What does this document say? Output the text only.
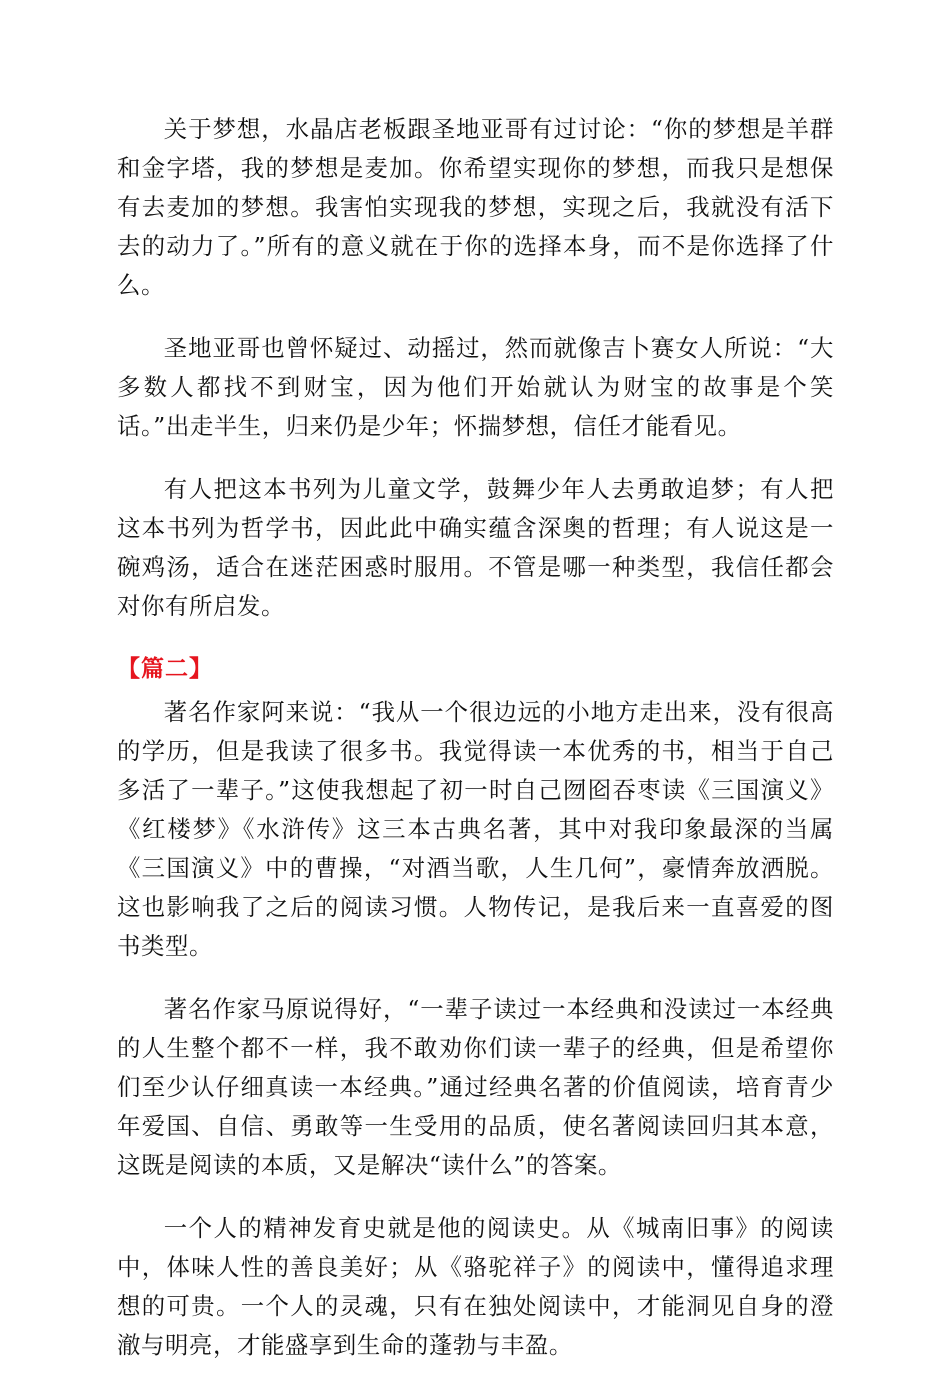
关于梦想，水晶店老板跟圣地亚哥有过讨论：“你的梦想是羊群和金字塔，我的梦想是麦加。你希望实现你的梦想，而我只是想保有去麦加的梦想。我害怕实现我的梦想，实现之后，我就没有活下去的动力了。”所有的意义就在于你的选择本身，而不是你选择了什么。

圣地亚哥也曾怀疑过、动摇过，然而就像吉卜赛女人所说：“大多数人都找不到财宝，因为他们开始就认为财宝的故事是个笑话。”出走半生，归来仍是少年；怀揣梦想，信任才能看见。

有人把这本书列为儿童文学，鼓舞少年人去勇敢追梦；有人把这本书列为哲学书，因此此中确实蕴含深奥的哲理；有人说这是一碗鸡汤，适合在迷茫困惑时服用。不管是哪一种类型，我信任都会对你有所启发。

【篇二】

著名作家阿来说：“我从一个很边远的小地方走出来，没有很高的学历，但是我读了很多书。我觉得读一本优秀的书，相当于自己多活了一辈子。”这使我想起了初一时自己囫囵吞枣读《三国演义》《红楼梦》《水浒传》这三本古典名著，其中对我印象最深的当属《三国演义》中的曹操，“对酒当歌，人生几何”，豪情奔放洒脱。这也影响我了之后的阅读习惯。人物传记，是我后来一直喜爱的图书类型。

著名作家马原说得好，“一辈子读过一本经典和没读过一本经典的人生整个都不一样，我不敢劝你们读一辈子的经典，但是希望你们至少认仔细真读一本经典。”通过经典名著的价值阅读，培育青少年爱国、自信、勇敢等一生受用的品质，使名著阅读回归其本意，这既是阅读的本质，又是解决“读什么”的答案。

一个人的精神发育史就是他的阅读史。从《城南旧事》的阅读中，体味人性的善良美好；从《骆驼祥子》的阅读中，懂得追求理想的可贵。一个人的灵魂，只有在独处阅读中，才能洞见自身的澄澈与明亮，才能盛享到生命的蓬勃与丰盈。
